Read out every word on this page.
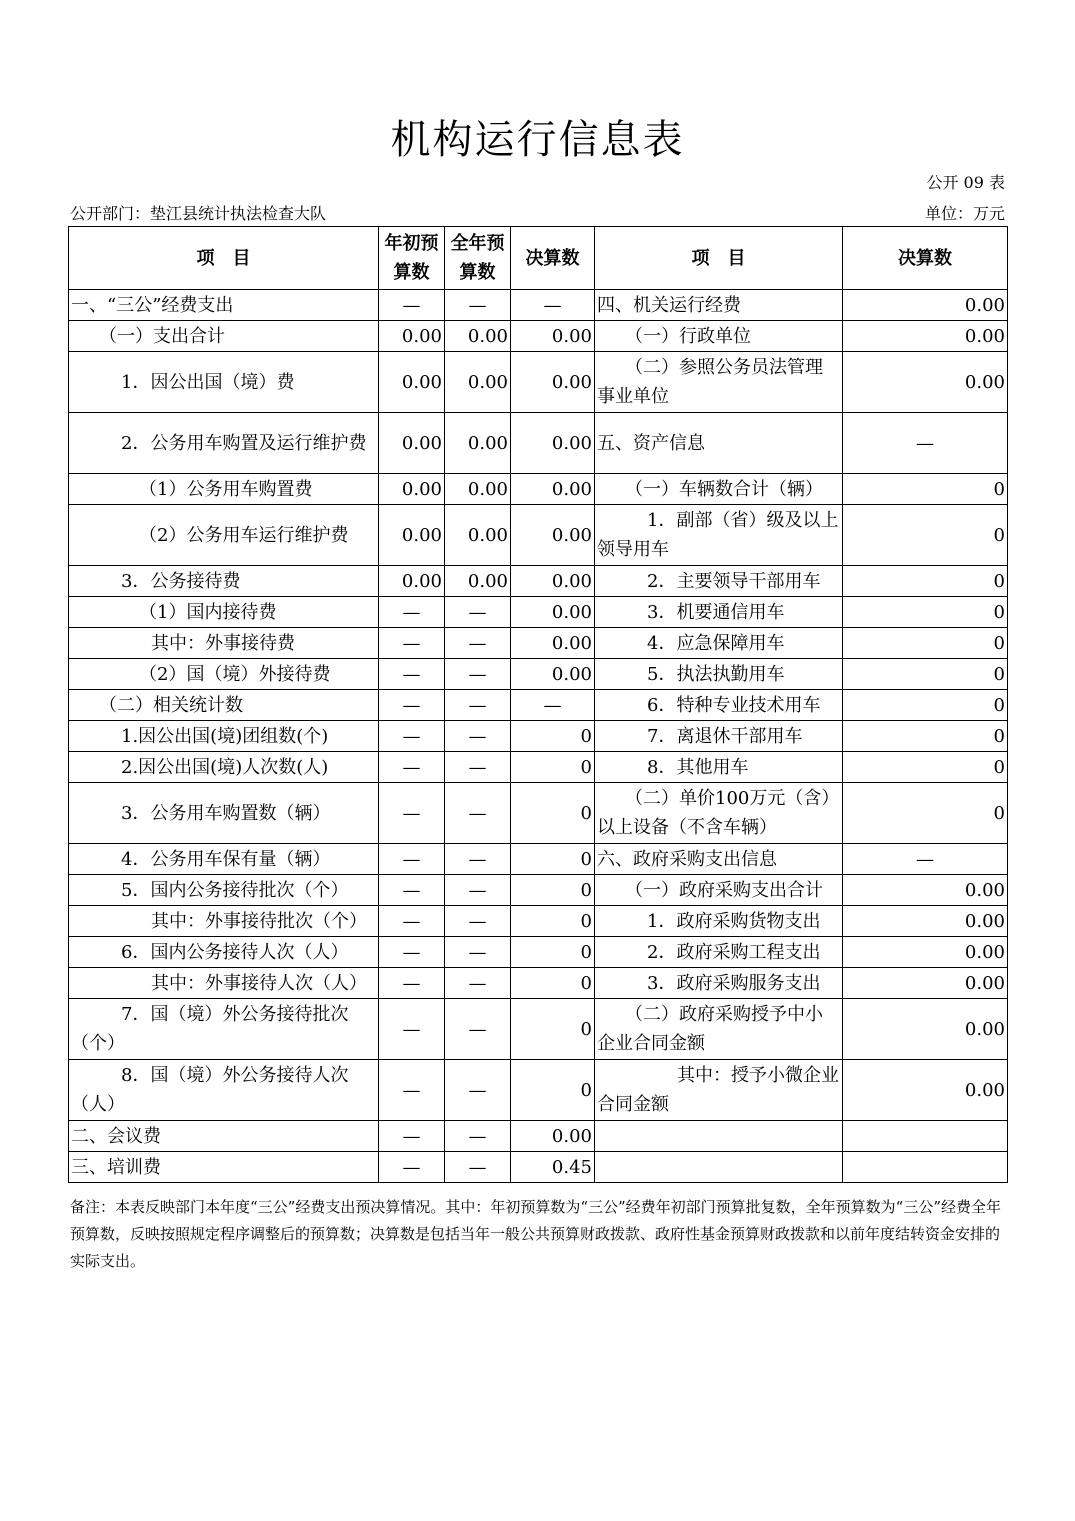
机构运行信息表
公开 09 表
公开部门：垫江县统计执法检查大队	单位：万元
项　目	年初预算数	全年预算数	决算数	项　目	决算数
一、“三公”经费支出	—	—	—	四、机关运行经费	0.00
（一）支出合计	0.00	0.00	0.00	（一）行政单位	0.00
1．因公出国（境）费	0.00	0.00	0.00	（二）参照公务员法管理事业单位	0.00
2．公务用车购置及运行维护费	0.00	0.00	0.00	五、资产信息	—
（1）公务用车购置费	0.00	0.00	0.00	（一）车辆数合计（辆）	0
（2）公务用车运行维护费	0.00	0.00	0.00	1．副部（省）级及以上领导用车	0
3．公务接待费	0.00	0.00	0.00	2．主要领导干部用车	0
（1）国内接待费	—	—	0.00	3．机要通信用车	0
其中：外事接待费	—	—	0.00	4．应急保障用车	0
（2）国（境）外接待费	—	—	0.00	5．执法执勤用车	0
（二）相关统计数	—	—	—	6．特种专业技术用车	0
1.因公出国(境)团组数(个)	—	—	0	7．离退休干部用车	0
2.因公出国(境)人次数(人)	—	—	0	8．其他用车	0
3．公务用车购置数（辆）	—	—	0	（二）单价100万元（含）以上设备（不含车辆）	0
4．公务用车保有量（辆）	—	—	0	六、政府采购支出信息	—
5．国内公务接待批次（个）	—	—	0	（一）政府采购支出合计	0.00
其中：外事接待批次（个）	—	—	0	1．政府采购货物支出	0.00
6．国内公务接待人次（人）	—	—	0	2．政府采购工程支出	0.00
其中：外事接待人次（人）	—	—	0	3．政府采购服务支出	0.00
7．国（境）外公务接待批次（个）	—	—	0	（二）政府采购授予中小企业合同金额	0.00
8．国（境）外公务接待人次（人）	—	—	0	其中：授予小微企业合同金额	0.00
二、会议费	—	—	0.00		
三、培训费	—	—	0.45		
备注：本表反映部门本年度“三公”经费支出预决算情况。其中：年初预算数为“三公”经费年初部门预算批复数，全年预算数为“三公”经费全年预算数，反映按照规定程序调整后的预算数；决算数是包括当年一般公共预算财政拨款、政府性基金预算财政拨款和以前年度结转资金安排的实际支出。
